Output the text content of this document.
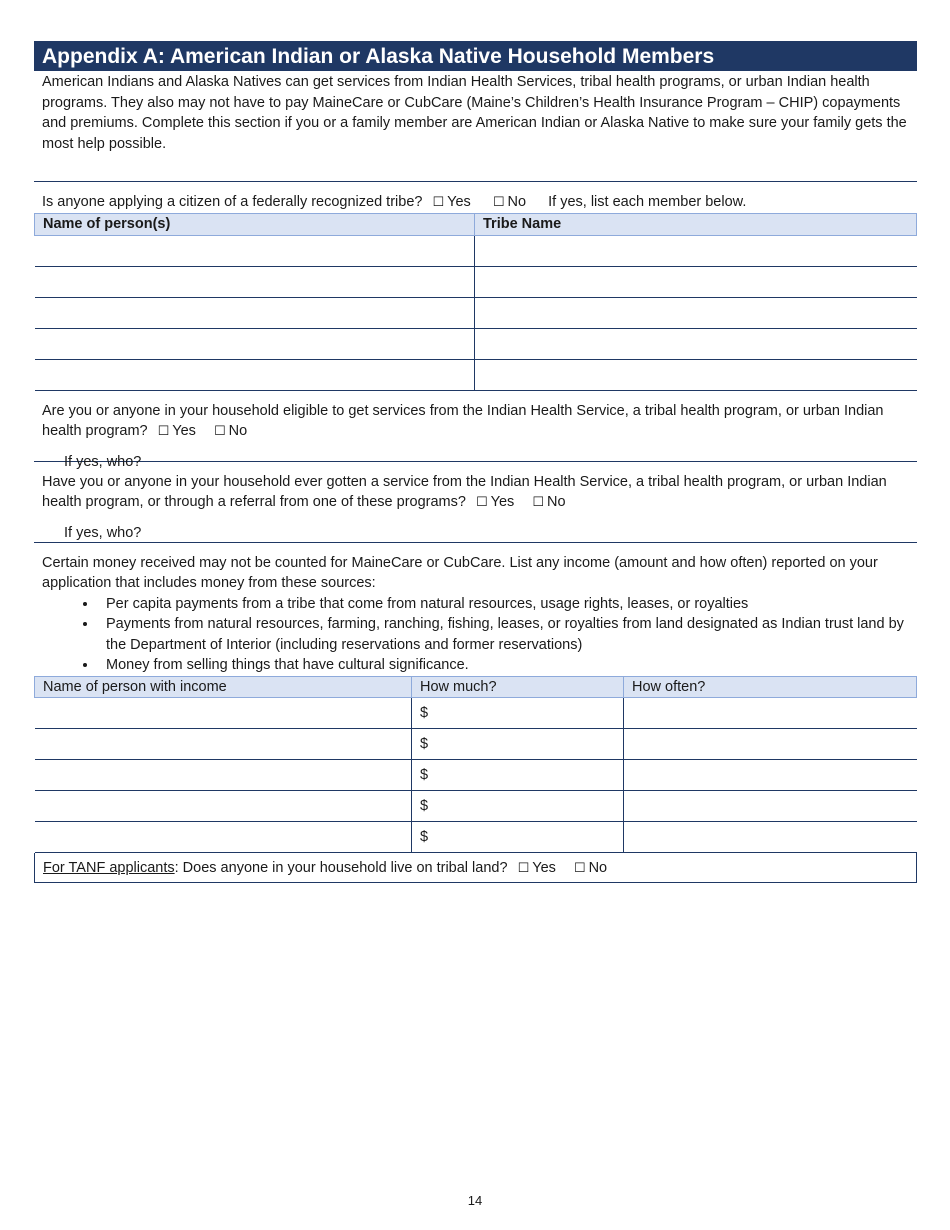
Appendix A: American Indian or Alaska Native Household Members
American Indians and Alaska Natives can get services from Indian Health Services, tribal health programs, or urban Indian health programs. They also may not have to pay MaineCare or CubCare (Maine’s Children’s Health Insurance Program – CHIP) copayments and premiums. Complete this section if you or a family member are American Indian or Alaska Native to make sure your family gets the most help possible.
Is anyone applying a citizen of a federally recognized tribe? ☐ Yes ☐ No If yes, list each member below.
Name of person(s)	Tribe Name

Are you or anyone in your household eligible to get services from the Indian Health Service, a tribal health program, or urban Indian health program? ☐ Yes ☐ No

If yes, who?

Have you or anyone in your household ever gotten a service from the Indian Health Service, a tribal health program, or urban Indian health program, or through a referral from one of these programs? ☐ Yes ☐ No

If yes, who?

Certain money received may not be counted for MaineCare or CubCare. List any income (amount and how often) reported on your application that includes money from these sources:

• Per capita payments from a tribe that come from natural resources, usage rights, leases, or royalties
• Payments from natural resources, farming, ranching, fishing, leases, or royalties from land designated as Indian trust land by the Department of Interior (including reservations and former reservations)
• Money from selling things that have cultural significance.
Name of person with income	How much?	How often?
	$	
	$	
	$	
	$	
	$	
For TANF applicants: Does anyone in your household live on tribal land? ☐ Yes ☐ No
14
